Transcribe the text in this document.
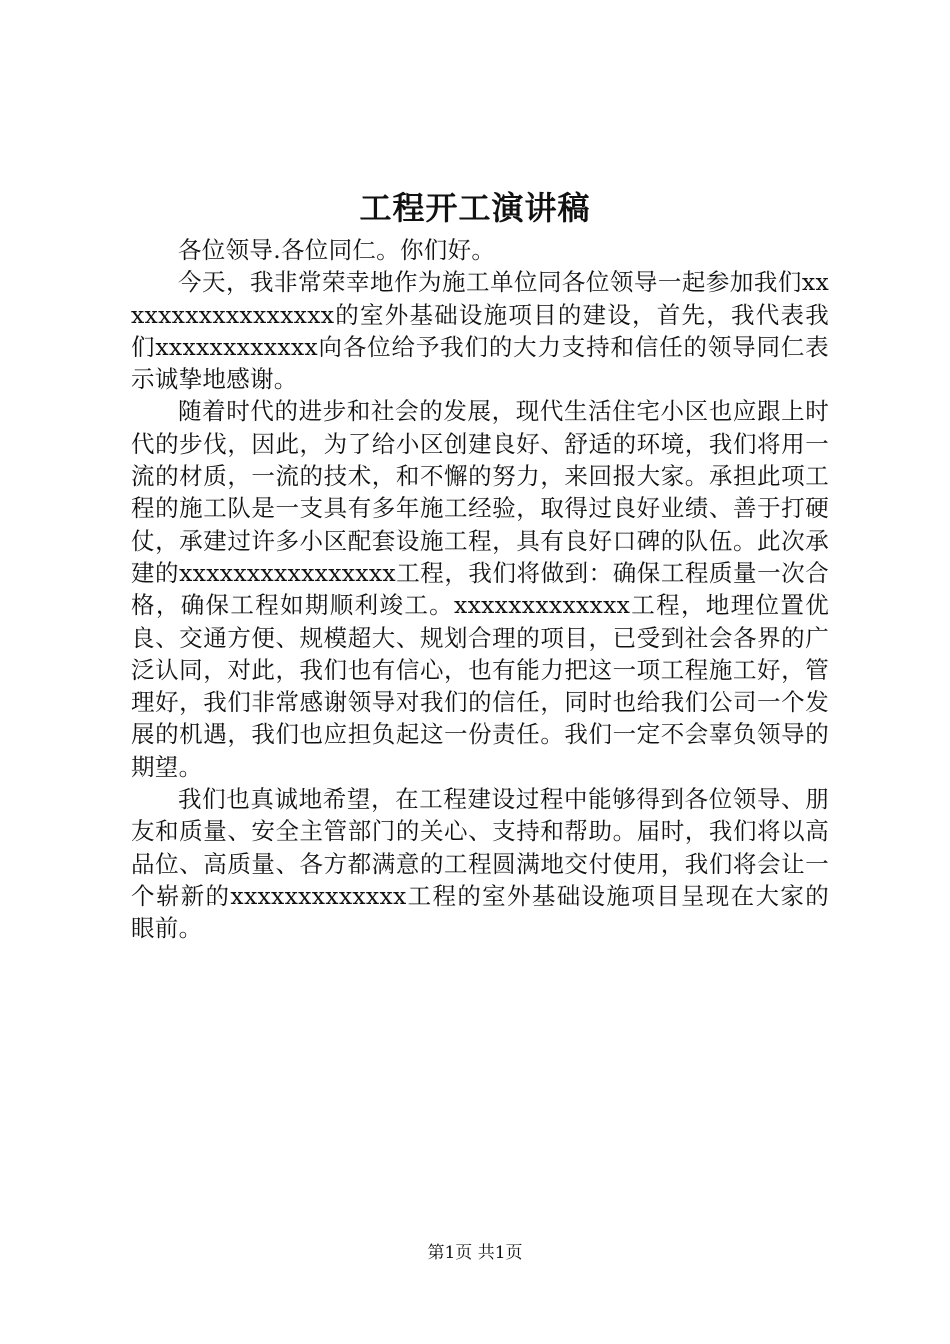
工程开工演讲稿

各位领导.各位同仁。你们好。

今天，我非常荣幸地作为施工单位同各位领导一起参加我们xxxxxxxxxxxxxxxxx的室外基础设施项目的建设，首先，我代表我们xxxxxxxxxxxx向各位给予我们的大力支持和信任的领导同仁表示诚挚地感谢。

随着时代的进步和社会的发展，现代生活住宅小区也应跟上时代的步伐，因此，为了给小区创建良好、舒适的环境，我们将用一流的材质，一流的技术，和不懈的努力，来回报大家。承担此项工程的施工队是一支具有多年施工经验，取得过良好业绩、善于打硬仗，承建过许多小区配套设施工程，具有良好口碑的队伍。此次承建的xxxxxxxxxxxxxxxx工程，我们将做到：确保工程质量一次合格，确保工程如期顺利竣工。xxxxxxxxxxxxx工程，地理位置优良、交通方便、规模超大、规划合理的项目，已受到社会各界的广泛认同，对此，我们也有信心，也有能力把这一项工程施工好，管理好，我们非常感谢领导对我们的信任，同时也给我们公司一个发展的机遇，我们也应担负起这一份责任。我们一定不会辜负领导的期望。

我们也真诚地希望，在工程建设过程中能够得到各位领导、朋友和质量、安全主管部门的关心、支持和帮助。届时，我们将以高品位、高质量、各方都满意的工程圆满地交付使用，我们将会让一个崭新的xxxxxxxxxxxxx工程的室外基础设施项目呈现在大家的眼前。

第1页 共1页
